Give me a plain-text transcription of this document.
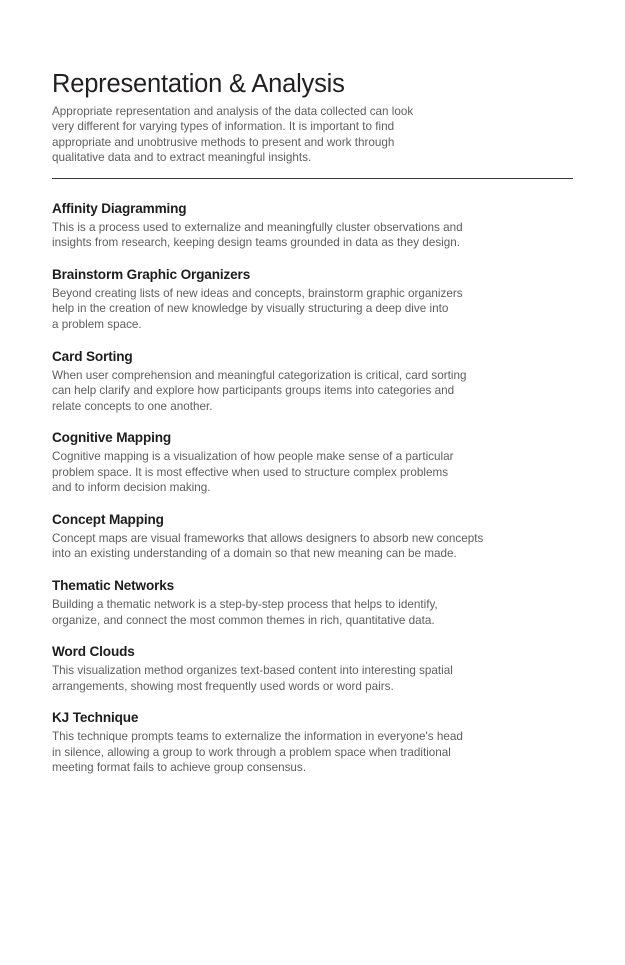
Representation & Analysis

Appropriate representation and analysis of the data collected can look
very different for varying types of information. It is important to find
appropriate and unobtrusive methods to present and work through
qualitative data and to extract meaningful insights.

Affinity Diagramming

This is a process used to externalize and meaningfully cluster observations and
insights from research, keeping design teams grounded in data as they design.

Brainstorm Graphic Organizers

Beyond creating lists of new ideas and concepts, brainstorm graphic organizers
help in the creation of new knowledge by visually structuring a deep dive into
a problem space.

Card Sorting

When user comprehension and meaningful categorization is critical, card sorting
can help clarify and explore how participants groups items into categories and
relate concepts to one another.

Cognitive Mapping

Cognitive mapping is a visualization of how people make sense of a particular
problem space. It is most effective when used to structure complex problems
and to inform decision making.

Concept Mapping

Concept maps are visual frameworks that allows designers to absorb new concepts
into an existing understanding of a domain so that new meaning can be made.

Thematic Networks

Building a thematic network is a step-by-step process that helps to identify,
organize, and connect the most common themes in rich, quantitative data.

Word Clouds

This visualization method organizes text-based content into interesting spatial
arrangements, showing most frequently used words or word pairs.

KJ Technique

This technique prompts teams to externalize the information in everyone's head
in silence, allowing a group to work through a problem space when traditional
meeting format fails to achieve group consensus.
